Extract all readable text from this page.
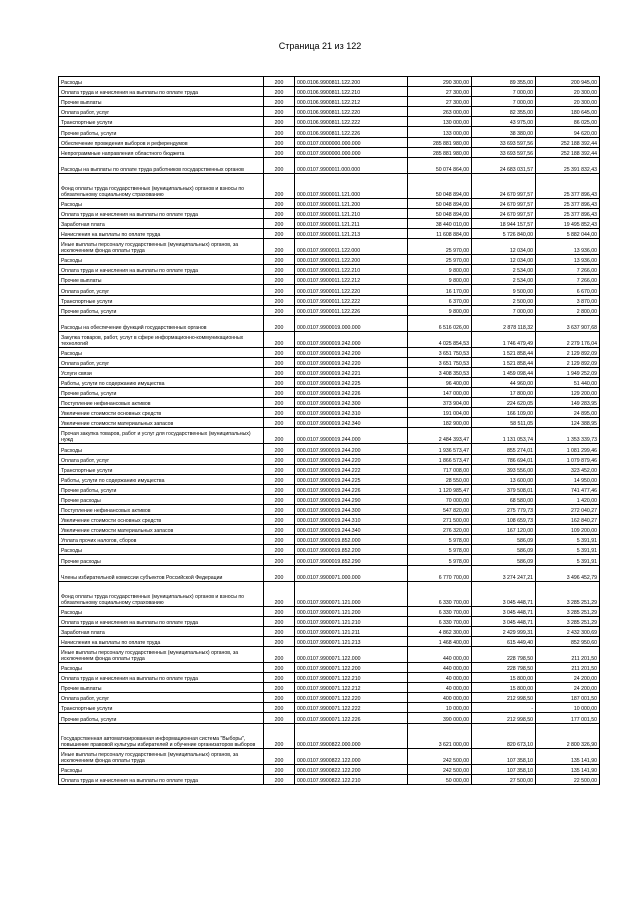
Страница 21 из 122
Расходы	200	000.0106.9900811.122.200	290 300,00	89 355,00	200 945,00
Оплата труда и начисления на выплаты по оплате труда	200	000.0106.9900811.122.210	27 300,00	7 000,00	20 300,00
Прочие выплаты	200	000.0106.9900811.122.212	27 300,00	7 000,00	20 300,00
Оплата работ, услуг	200	000.0106.9900811.122.220	263 000,00	82 355,00	180 645,00
Транспортные услуги	200	000.0106.9900811.122.222	130 000,00	43 975,00	86 025,00
Прочие работы, услуги	200	000.0106.9900811.122.226	133 000,00	38 380,00	94 620,00
Обеспечение проведения выборов и референдумов	200	000.0107.0000000.000.000	285 881 980,00	33 693 597,56	252 188 392,44
Непрограммные направления областного бюджета	200	000.0107.9900000.000.000	285 881 980,00	33 693 597,56	252 188 392,44
Расходы на выплаты по оплате труда работников государственных органов	200	000.0107.9900011.000.000	50 074 864,00	24 683 031,57	25 391 832,43
Фонд оплаты труда государственных (муниципальных) органов и взносы по обязательному социальному страхованию	200	000.0107.9900011.121.000	50 048 894,00	24 670 997,57	25 377 896,43
Расходы	200	000.0107.9900011.121.200	50 048 894,00	24 670 997,57	25 377 896,43
Оплата труда и начисления на выплаты по оплате труда	200	000.0107.9900011.121.210	50 048 894,00	24 670 997,57	25 377 896,43
Заработная плата	200	000.0107.9900011.121.211	38 440 010,00	18 944 157,57	19 495 852,43
Начисления на выплаты по оплате труда	200	000.0107.9900011.121.213	11 608 884,00	5 726 840,00	5 882 044,00
Иные выплаты персоналу государственных (муниципальных) органов, за исключением фонда оплаты труда	200	000.0107.9900011.122.000	25 970,00	12 034,00	13 936,00
Расходы	200	000.0107.9900011.122.200	25 970,00	12 034,00	13 936,00
Оплата труда и начисления на выплаты по оплате труда	200	000.0107.9900011.122.210	9 800,00	2 534,00	7 266,00
Прочие выплаты	200	000.0107.9900011.122.212	9 800,00	2 534,00	7 266,00
Оплата работ, услуг	200	000.0107.9900011.122.220	16 170,00	9 500,00	6 670,00
Транспортные услуги	200	000.0107.9900011.122.222	6 370,00	2 500,00	3 870,00
Прочие работы, услуги	200	000.0107.9900011.122.226	9 800,00	7 000,00	2 800,00
Расходы на обеспечение функций государственных органов	200	000.0107.9900019.000.000	6 516 026,00	2 878 118,32	3 637 907,68
Закупка товаров, работ, услуг в сфере информационно-коммуникационных технологий	200	000.0107.9900019.242.000	4 025 854,53	1 746 479,49	2 279 176,04
Расходы	200	000.0107.9900019.242.200	3 651 750,53	1 521 858,44	2 129 892,09
Оплата работ, услуг	200	000.0107.9900019.242.220	3 651 750,53	1 521 858,44	2 129 892,09
Услуги связи	200	000.0107.9900019.242.221	3 408 350,53	1 459 098,44	1 949 252,09
Работы, услуги по содержанию имущества	200	000.0107.9900019.242.225	96 400,00	44 960,00	51 440,00
Прочие работы, услуги	200	000.0107.9900019.242.226	147 000,00	17 800,00	129 200,00
Поступление нефинансовых активов	200	000.0107.9900019.242.300	373 904,00	224 620,05	149 283,95
Увеличение стоимости основных средств	200	000.0107.9900019.242.310	191 004,00	166 109,00	24 895,00
Увеличение стоимости материальных запасов	200	000.0107.9900019.242.340	182 900,00	58 511,05	124 388,95
Прочая закупка товаров, работ и услуг для государственных (муниципальных) нужд	200	000.0107.9900019.244.000	2 484 393,47	1 131 053,74	1 353 339,73
Расходы	200	000.0107.9900019.244.200	1 936 573,47	855 274,01	1 081 299,46
Оплата работ, услуг	200	000.0107.9900019.244.220	1 866 573,47	786 694,01	1 079 879,46
Транспортные услуги	200	000.0107.9900019.244.222	717 008,00	393 556,00	323 452,00
Работы, услуги по содержанию имущества	200	000.0107.9900019.244.225	28 550,00	13 600,00	14 950,00
Прочие работы, услуги	200	000.0107.9900019.244.226	1 120 985,47	379 508,01	741 477,46
Прочие расходы	200	000.0107.9900019.244.290	70 000,00	68 580,00	1 420,00
Поступление нефинансовых активов	200	000.0107.9900019.244.300	547 820,00	275 779,73	272 040,27
Увеличение стоимости основных средств	200	000.0107.9900019.244.310	271 500,00	108 659,73	162 840,27
Увеличение стоимости материальных запасов	200	000.0107.9900019.244.340	276 320,00	167 120,00	109 200,00
Уплата прочих налогов, сборов	200	000.0107.9900019.852.000	5 978,00	586,09	5 391,91
Расходы	200	000.0107.9900019.852.200	5 978,00	586,09	5 391,91
Прочие расходы	200	000.0107.9900019.852.290	5 978,00	586,09	5 391,91
Члены избирательной комиссии субъектов Российской Федерации	200	000.0107.9900071.000.000	6 770 700,00	3 274 247,21	3 496 452,79
Фонд оплаты труда государственных (муниципальных) органов и взносы по обязательному социальному страхованию	200	000.0107.9900071.121.000	6 330 700,00	3 045 448,71	3 285 251,29
Расходы	200	000.0107.9900071.121.200	6 330 700,00	3 045 448,71	3 285 251,29
Оплата труда и начисления на выплаты по оплате труда	200	000.0107.9900071.121.210	6 330 700,00	3 045 448,71	3 285 251,29
Заработная плата	200	000.0107.9900071.121.211	4 862 300,00	2 429 999,31	2 432 300,69
Начисления на выплаты по оплате труда	200	000.0107.9900071.121.213	1 468 400,00	615 449,40	852 950,60
Иные выплаты персоналу государственных (муниципальных) органов, за исключением фонда оплаты труда	200	000.0107.9900071.122.000	440 000,00	228 798,50	211 201,50
Расходы	200	000.0107.9900071.122.200	440 000,00	228 798,50	211 201,50
Оплата труда и начисления на выплаты по оплате труда	200	000.0107.9900071.122.210	40 000,00	15 800,00	24 200,00
Прочие выплаты	200	000.0107.9900071.122.212	40 000,00	15 800,00	24 200,00
Оплата работ, услуг	200	000.0107.9900071.122.220	400 000,00	212 998,50	187 001,50
Транспортные услуги	200	000.0107.9900071.122.222	10 000,00	-	10 000,00
Прочие работы, услуги	200	000.0107.9900071.122.226	390 000,00	212 998,50	177 001,50
Государственная автоматизированная информационная система "Выборы", повышение правовой культуры избирателей и обучение организаторов выборов	200	000.0107.9900822.000.000	3 621 000,00	820 673,10	2 800 326,90
Иные выплаты персоналу государственных (муниципальных) органов, за исключением фонда оплаты труда	200	000.0107.9900822.122.000	242 500,00	107 358,10	135 141,90
Расходы	200	000.0107.9900822.122.200	242 500,00	107 358,10	135 141,90
Оплата труда и начисления на выплаты по оплате труда	200	000.0107.9900822.122.210	50 000,00	27 500,00	22 500,00
